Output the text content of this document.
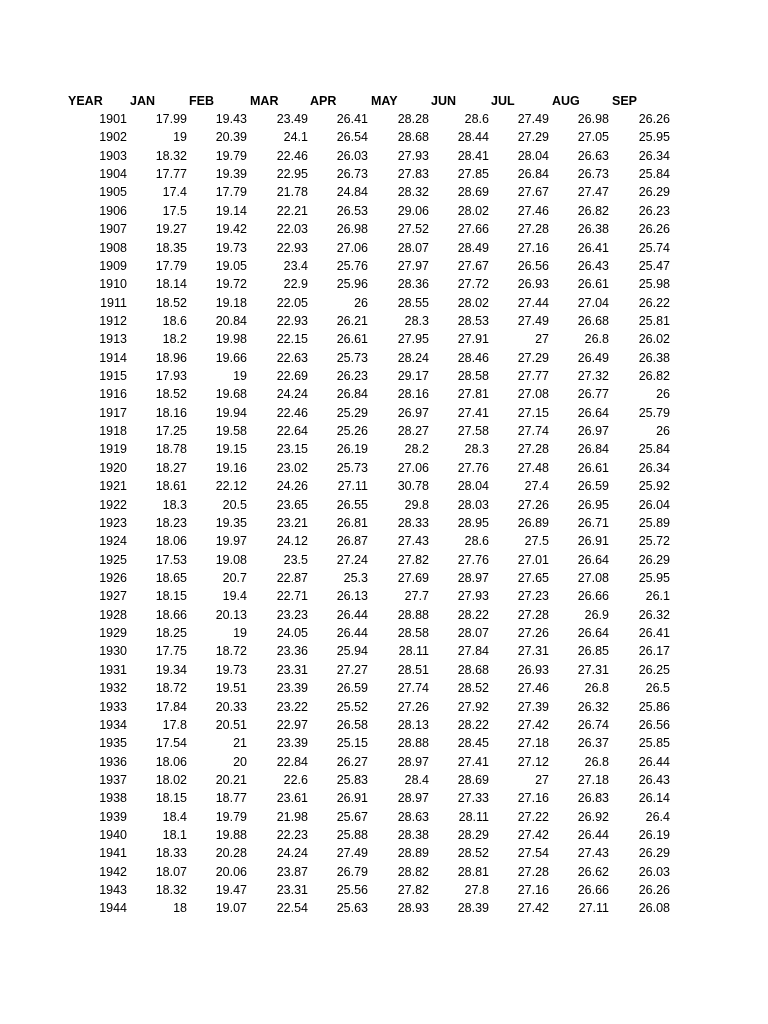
YEAR JAN	FEB	MAR	APR	MAY	JUN	JUL	AUG	SEP
1901	17.99	19.43	23.49	26.41	28.28	28.6	27.49	26.98	26.26
1902	19	20.39	24.1	26.54	28.68	28.44	27.29	27.05	25.95
1903	18.32	19.79	22.46	26.03	27.93	28.41	28.04	26.63	26.34
1904	17.77	19.39	22.95	26.73	27.83	27.85	26.84	26.73	25.84
1905	17.4	17.79	21.78	24.84	28.32	28.69	27.67	27.47	26.29
1906	17.5	19.14	22.21	26.53	29.06	28.02	27.46	26.82	26.23
1907	19.27	19.42	22.03	26.98	27.52	27.66	27.28	26.38	26.26
1908	18.35	19.73	22.93	27.06	28.07	28.49	27.16	26.41	25.74
1909	17.79	19.05	23.4	25.76	27.97	27.67	26.56	26.43	25.47
1910	18.14	19.72	22.9	25.96	28.36	27.72	26.93	26.61	25.98
1911	18.52	19.18	22.05	26	28.55	28.02	27.44	27.04	26.22
1912	18.6	20.84	22.93	26.21	28.3	28.53	27.49	26.68	25.81
1913	18.2	19.98	22.15	26.61	27.95	27.91	27	26.8	26.02
1914	18.96	19.66	22.63	25.73	28.24	28.46	27.29	26.49	26.38
1915	17.93	19	22.69	26.23	29.17	28.58	27.77	27.32	26.82
1916	18.52	19.68	24.24	26.84	28.16	27.81	27.08	26.77	26
1917	18.16	19.94	22.46	25.29	26.97	27.41	27.15	26.64	25.79
1918	17.25	19.58	22.64	25.26	28.27	27.58	27.74	26.97	26
1919	18.78	19.15	23.15	26.19	28.2	28.3	27.28	26.84	25.84
1920	18.27	19.16	23.02	25.73	27.06	27.76	27.48	26.61	26.34
1921	18.61	22.12	24.26	27.11	30.78	28.04	27.4	26.59	25.92
1922	18.3	20.5	23.65	26.55	29.8	28.03	27.26	26.95	26.04
1923	18.23	19.35	23.21	26.81	28.33	28.95	26.89	26.71	25.89
1924	18.06	19.97	24.12	26.87	27.43	28.6	27.5	26.91	25.72
1925	17.53	19.08	23.5	27.24	27.82	27.76	27.01	26.64	26.29
1926	18.65	20.7	22.87	25.3	27.69	28.97	27.65	27.08	25.95
1927	18.15	19.4	22.71	26.13	27.7	27.93	27.23	26.66	26.1
1928	18.66	20.13	23.23	26.44	28.88	28.22	27.28	26.9	26.32
1929	18.25	19	24.05	26.44	28.58	28.07	27.26	26.64	26.41
1930	17.75	18.72	23.36	25.94	28.11	27.84	27.31	26.85	26.17
1931	19.34	19.73	23.31	27.27	28.51	28.68	26.93	27.31	26.25
1932	18.72	19.51	23.39	26.59	27.74	28.52	27.46	26.8	26.5
1933	17.84	20.33	23.22	25.52	27.26	27.92	27.39	26.32	25.86
1934	17.8	20.51	22.97	26.58	28.13	28.22	27.42	26.74	26.56
1935	17.54	21	23.39	25.15	28.88	28.45	27.18	26.37	25.85
1936	18.06	20	22.84	26.27	28.97	27.41	27.12	26.8	26.44
1937	18.02	20.21	22.6	25.83	28.4	28.69	27	27.18	26.43
1938	18.15	18.77	23.61	26.91	28.97	27.33	27.16	26.83	26.14
1939	18.4	19.79	21.98	25.67	28.63	28.11	27.22	26.92	26.4
1940	18.1	19.88	22.23	25.88	28.38	28.29	27.42	26.44	26.19
1941	18.33	20.28	24.24	27.49	28.89	28.52	27.54	27.43	26.29
1942	18.07	20.06	23.87	26.79	28.82	28.81	27.28	26.62	26.03
1943	18.32	19.47	23.31	25.56	27.82	27.8	27.16	26.66	26.26
1944	18	19.07	22.54	25.63	28.93	28.39	27.42	27.11	26.08
